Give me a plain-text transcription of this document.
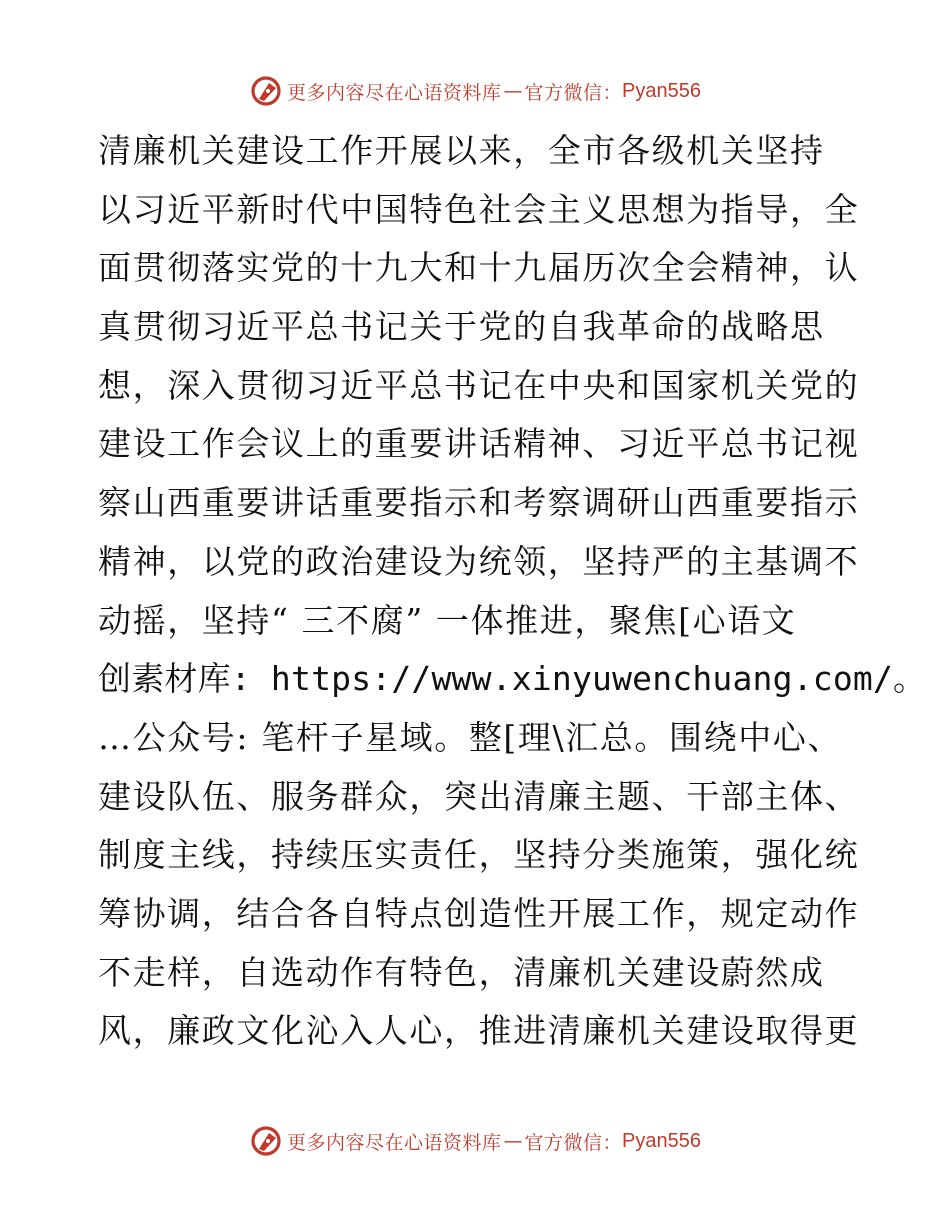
更多内容尽在心语资料库 — 官方微信： Pyan556
清廉机关建设工作开展以来，全市各级机关坚持
以习近平新时代中国特色社会主义思想为指导，全
面贯彻落实党的十九大和十九届历次全会精神，认
真贯彻习近平总书记关于党的自我革命的战略思
想，深入贯彻习近平总书记在中央和国家机关党的
建设工作会议上的重要讲话精神、习近平总书记视
察山西重要讲话重要指示和考察调研山西重要指示
精神，以党的政治建设为统领，坚持严的主基调不
动摇，坚持“ 三不腐” 一体推进，聚焦[心语文
创素材库: https://www.xinyuwenchuang.com/。
…公众号: 笔杆子星域。整[理\汇总。围绕中心、
建设队伍、服务群众，突出清廉主题、干部主体、
制度主线，持续压实责任，坚持分类施策，强化统
筹协调，结合各自特点创造性开展工作，规定动作
不走样，自选动作有特色，清廉机关建设蔚然成
风，廉政文化沁入人心，推进清廉机关建设取得更
更多内容尽在心语资料库 — 官方微信： Pyan556
